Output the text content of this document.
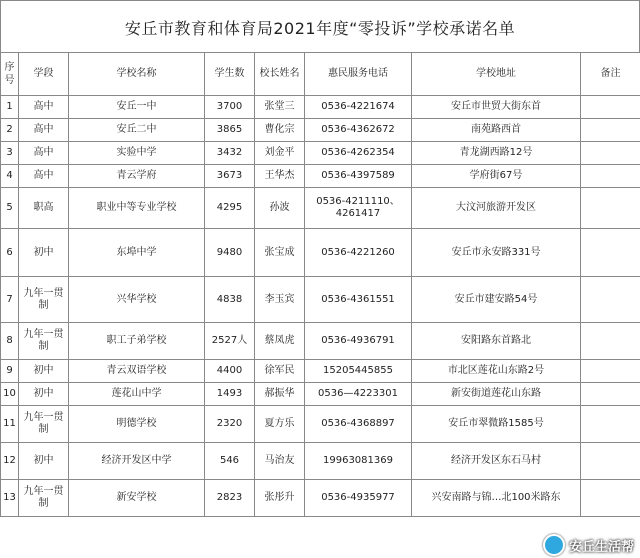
安丘市教育和体育局2021年度“零投诉”学校承诺名单
序号	学段	学校名称	学生数	校长姓名	惠民服务电话	学校地址	备注
1	高中	安丘一中	3700	张堂三	0536-4221674	安丘市世贸大街东首	
2	高中	安丘二中	3865	曹化宗	0536-4362672	南苑路西首	
3	高中	实验中学	3432	刘金平	0536-4262354	青龙湖西路12号	
4	高中	青云学府	3673	王华杰	0536-4397589	学府街67号	
5	职高	职业中等专业学校	4295	孙波	0536-4211110、4261417	大汶河旅游开发区	
6	初中	东埠中学	9480	张宝成	0536-4221260	安丘市永安路331号	
7	九年一贯制	兴华学校	4838	李玉宾	0536-4361551	安丘市建安路54号	
8	九年一贯制	职工子弟学校	2527人	蔡凤虎	0536-4936791	安阳路东首路北	
9	初中	青云双语学校	4400	徐军民	15205445855	市北区莲花山东路2号	
10	初中	莲花山中学	1493	郝振华	0536—4223301	新安街道莲花山东路	
11	九年一贯制	明德学校	2320	夏方乐	0536-4368897	安丘市翠微路1585号	
12	初中	经济开发区中学	546	马治友	19963081369	经济开发区东石马村	
13	九年一贯制	新安学校	2823	张彤升	0536-4935977	兴安南路与锦…北100米路东	
安丘生活帮
